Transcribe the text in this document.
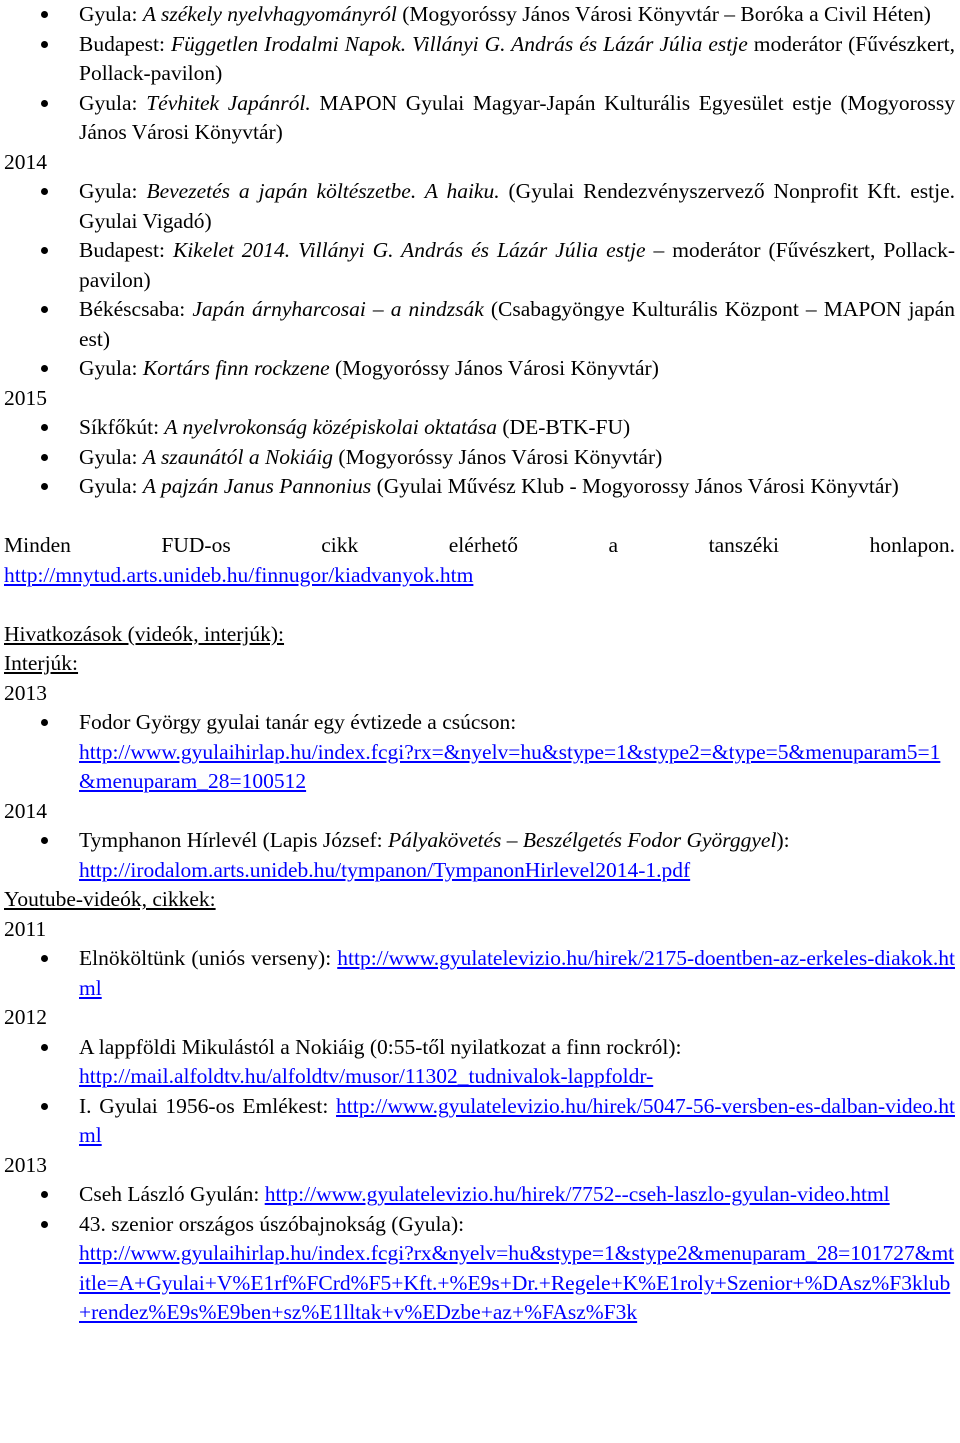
Gyula: A székely nyelvhagyományról (Mogyoróssy János Városi Könyvtár – Boróka a Civil Héten)
Budapest: Független Irodalmi Napok. Villányi G. András és Lázár Júlia estje moderátor (Fűvészkert, Pollack-pavilon)
Gyula: Tévhitek Japánról. MAPON Gyulai Magyar-Japán Kulturális Egyesület estje (Mogyorossy János Városi Könyvtár)
2014
Gyula: Bevezetés a japán költészetbe. A haiku. (Gyulai Rendezvényszervező Nonprofit Kft. estje. Gyulai Vigadó)
Budapest: Kikelet 2014. Villányi G. András és Lázár Júlia estje – moderátor (Fűvészkert, Pollack-pavilon)
Békéscsaba: Japán árnyharcosai – a nindzsák (Csabagyöngye Kulturális Központ – MAPON japán est)
Gyula: Kortárs finn rockzene (Mogyoróssy János Városi Könyvtár)
2015
Síkfőkút: A nyelvrokonság középiskolai oktatása (DE-BTK-FU)
Gyula: A szaunától a Nokiáig (Mogyoróssy János Városi Könyvtár)
Gyula: A pajzán Janus Pannonius (Gyulai Művész Klub - Mogyorossy János Városi Könyvtár)
Minden	FUD-os	cikk	elérhető	a	tanszéki	honlapon.
http://mnytud.arts.unideb.hu/finnugor/kiadvanyok.htm
Hivatkozások (videók, interjúk):
Interjúk:
2013
Fodor György gyulai tanár egy évtizede a csúcson:
http://www.gyulaihirlap.hu/index.fcgi?rx=&nyelv=hu&stype=1&stype2=&type=5&menuparam5=1&menuparam_28=100512
2014
Tymphanon Hírlevél (Lapis József: Pályakövetés – Beszélgetés Fodor Györggyel):
http://irodalom.arts.unideb.hu/tympanon/TympanonHirlevel2014-1.pdf
Youtube-videók, cikkek:
2011
Elnököltünk (uniós verseny): http://www.gyulatelevizio.hu/hirek/2175-doentben-az-erkeles-diakok.html
2012
A lappföldi Mikulástól a Nokiáig (0:55-től nyilatkozat a finn rockról):
http://mail.alfoldtv.hu/alfoldtv/musor/11302_tudnivalok-lappfoldr-
I. Gyulai 1956-os Emlékest: http://www.gyulatelevizio.hu/hirek/5047-56-versben-es-dalban-video.html
2013
Cseh László Gyulán: http://www.gyulatelevizio.hu/hirek/7752--cseh-laszlo-gyulan-video.html
43. szenior országos úszóbajnokság (Gyula):
http://www.gyulaihirlap.hu/index.fcgi?rx&nyelv=hu&stype=1&stype2&menuparam_28=101727&mtitle=A+Gyulai+V%E1rf%FCrd%F5+Kft.+%E9s+Dr.+Regele+K%E1roly+Szenior+%DAsz%F3klub+rendez%E9s%E9ben+sz%E1lltak+v%EDzbe+az+%FAsz%F3k
